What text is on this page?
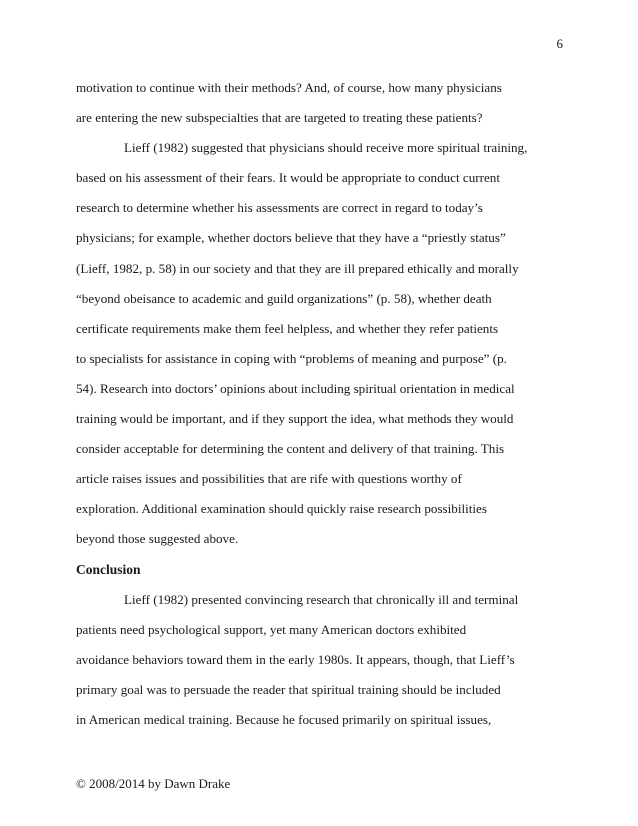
6
motivation to continue with their methods? And, of course, how many physicians
are entering the new subspecialties that are targeted to treating these patients?
Lieff (1982) suggested that physicians should receive more spiritual training,
based on his assessment of their fears. It would be appropriate to conduct current
research to determine whether his assessments are correct in regard to today’s
physicians; for example, whether doctors believe that they have a “priestly status”
(Lieff, 1982, p. 58) in our society and that they are ill prepared ethically and morally
“beyond obeisance to academic and guild organizations” (p. 58), whether death
certificate requirements make them feel helpless, and whether they refer patients
to specialists for assistance in coping with “problems of meaning and purpose” (p.
54). Research into doctors’ opinions about including spiritual orientation in medical
training would be important, and if they support the idea, what methods they would
consider acceptable for determining the content and delivery of that training. This
article raises issues and possibilities that are rife with questions worthy of
exploration. Additional examination should quickly raise research possibilities
beyond those suggested above.
Conclusion
Lieff (1982) presented convincing research that chronically ill and terminal
patients need psychological support, yet many American doctors exhibited
avoidance behaviors toward them in the early 1980s. It appears, though, that Lieff’s
primary goal was to persuade the reader that spiritual training should be included
in American medical training. Because he focused primarily on spiritual issues,
© 2008/2014 by Dawn Drake
